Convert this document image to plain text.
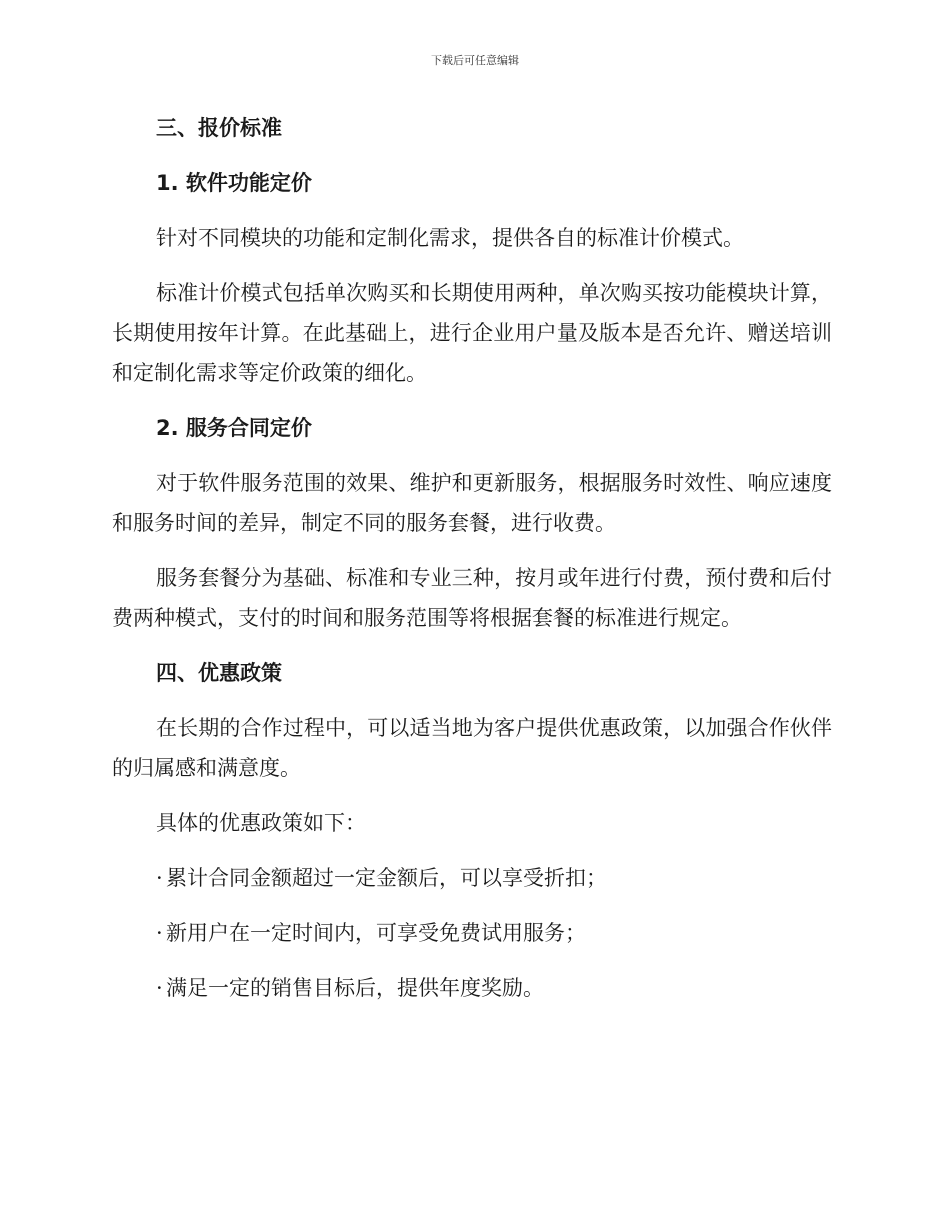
下载后可任意编辑
三、报价标准
1. 软件功能定价
针对不同模块的功能和定制化需求，提供各自的标准计价模式。
标准计价模式包括单次购买和长期使用两种，单次购买按功能模块计算，长期使用按年计算。在此基础上，进行企业用户量及版本是否允许、赠送培训和定制化需求等定价政策的细化。
2. 服务合同定价
对于软件服务范围的效果、维护和更新服务，根据服务时效性、响应速度和服务时间的差异，制定不同的服务套餐，进行收费。
服务套餐分为基础、标准和专业三种，按月或年进行付费，预付费和后付费两种模式，支付的时间和服务范围等将根据套餐的标准进行规定。
四、优惠政策
在长期的合作过程中，可以适当地为客户提供优惠政策，以加强合作伙伴的归属感和满意度。
具体的优惠政策如下：
· 累计合同金额超过一定金额后，可以享受折扣；
· 新用户在一定时间内，可享受免费试用服务；
· 满足一定的销售目标后，提供年度奖励。
